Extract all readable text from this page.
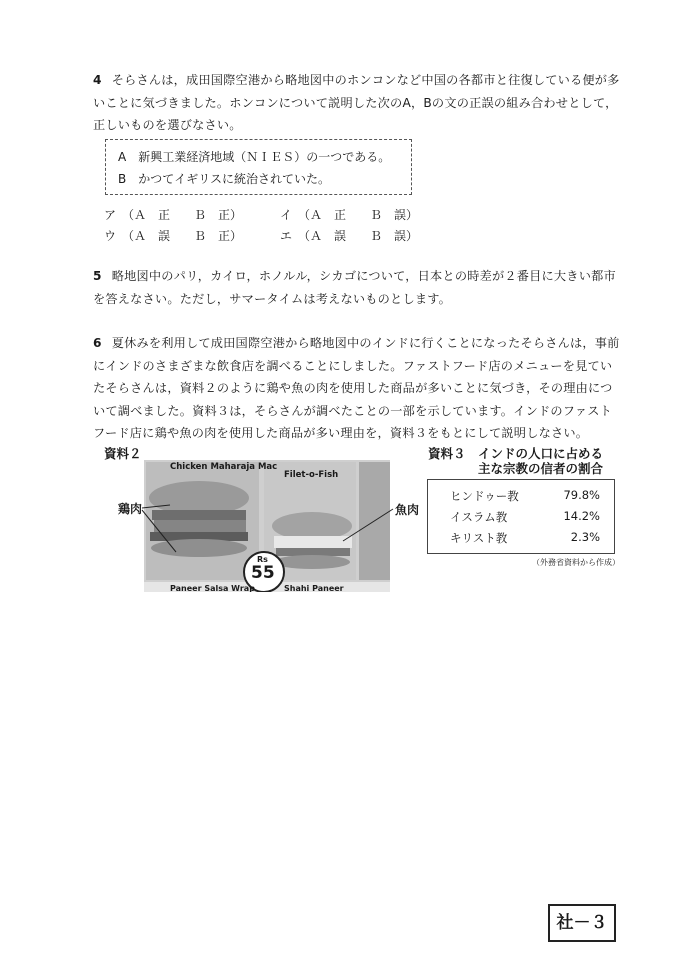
4 そらさんは，成田国際空港から略地図中のホンコンなど中国の各都市と往復している便が多いことに気づきました。ホンコンについて説明した次のA，Bの文の正誤の組み合わせとして，正しいものを選びなさい。
A　 新興工業経済地域（ＮＩＥＳ）の一つである。
B　 かつてイギリスに統治されていた。
ア （Ａ　正 Ｂ　正）	イ （Ａ　正 Ｂ　誤）
ウ （Ａ　誤 Ｂ　正）	エ （Ａ　誤 Ｂ　誤）
5 略地図中のパリ，カイロ，ホノルル，シカゴについて，日本との時差が２番目に大きい都市を答えなさい。ただし，サマータイムは考えないものとします。
6 夏休みを利用して成田国際空港から略地図中のインドに行くことになったそらさんは，事前にインドのさまざまな飲食店を調べることにしました。ファストフード店のメニューを見ていたそらさんは，資料２のように鶏や魚の肉を使用した商品が多いことに気づき，その理由について調べました。資料３は，そらさんが調べたことの一部を示しています。インドのファストフード店に鶏や魚の肉を使用した商品が多い理由を，資料３をもとにして説明しなさい。
資料２
Chicken Maharaja Mac
Filet-o-Fish
Paneer Salsa Wrap	Shahi Paneer
Rs
55
鶏肉	魚肉
資料３ インドの人口に占める
主な宗教の信者の割合
ヒンドゥー教	79.8%
イスラム教	14.2%
キリスト教	2.3%
（外務省資料から作成）
社－３
